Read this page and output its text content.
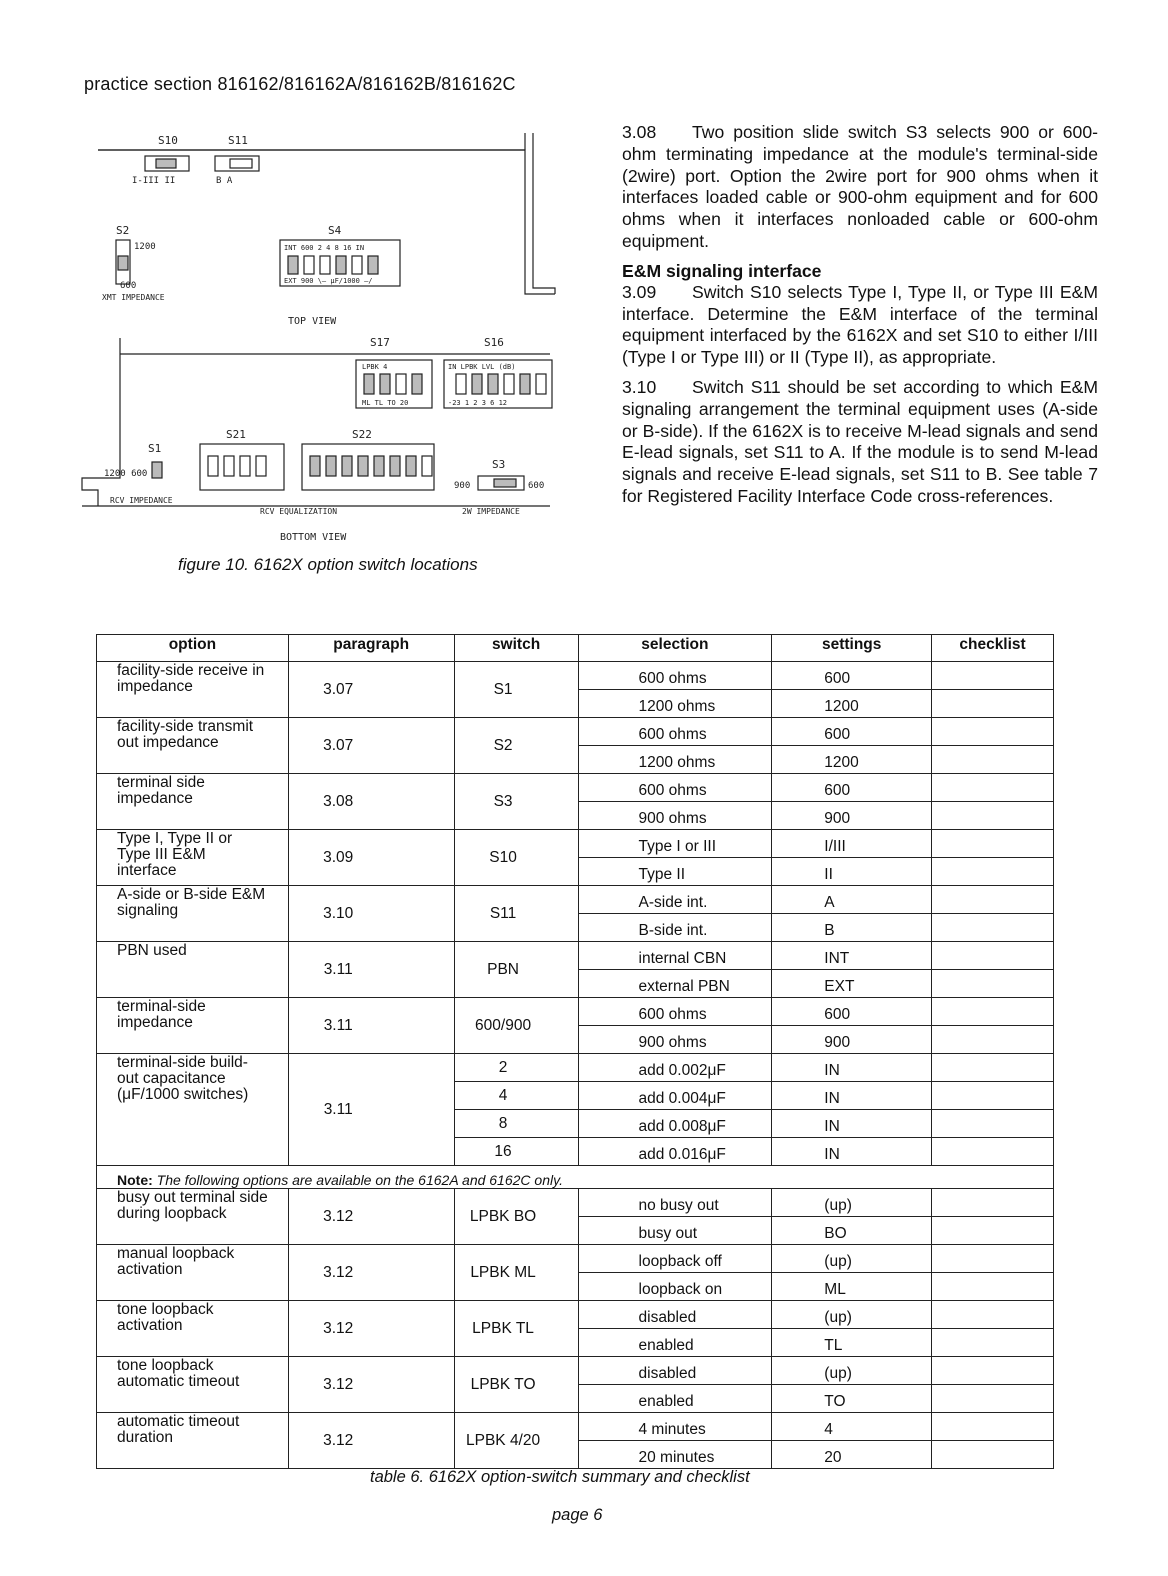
practice section 816162/816162A/816162B/816162C
S10	S11
I-III II	B A
S2
1200
600
XMT IMPEDANCE
S4
INT 600 2 4 8 16 IN
EXT 900 \— μF/1000 —/
TOP VIEW
S17	S16
LPBK 4
ML TL TO 20
IN LPBK LVL (dB)
-23 1 2 3 6 12
S21	S22
S1
1200 600
RCV IMPEDANCE
RCV EQUALIZATION
S3
900	600
2W IMPEDANCE
BOTTOM VIEW
figure 10. 6162X option switch locations

3.08 Two position slide switch S3 selects 900 or 600-ohm terminating impedance at the module's terminal-side (2wire) port. Option the 2wire port for 900 ohms when it interfaces loaded cable or 900-ohm equipment and for 600 ohms when it interfaces nonloaded cable or 600-ohm equipment.

E&M signaling interface

3.09 Switch S10 selects Type I, Type II, or Type III E&M interface. Determine the E&M interface of the terminal equipment interfaced by the 6162X and set S10 to either I/III (Type I or Type III) or II (Type II), as appropriate.

3.10 Switch S11 should be set according to which E&M signaling arrangement the terminal equipment uses (A-side or B-side). If the 6162X is to receive M-lead signals and send E-lead signals, set S11 to A. If the module is to send M-lead signals and receive E-lead signals, set S11 to B. See table 7 for Registered Facility Interface Code cross-references.

option	paragraph	switch	selection	settings	checklist
facility-side receive in impedance	3.07	S1	600 ohms	600	
			1200 ohms	1200	
facility-side transmit out impedance	3.07	S2	600 ohms	600	
			1200 ohms	1200	
terminal side impedance	3.08	S3	600 ohms	600	
			900 ohms	900	
Type I, Type II or Type III E&M interface	3.09	S10	Type I or III	I/III	
			Type II	II	
A-side or B-side E&M signaling	3.10	S11	A-side int.	A	
			B-side int.	B	
PBN used	3.11	PBN	internal CBN	INT	
			external PBN	EXT	
terminal-side impedance	3.11	600/900	600 ohms	600	
			900 ohms	900	
terminal-side build-out capacitance (μF/1000 switches)	3.11	2	add 0.002μF	IN	
		4	add 0.004μF	IN	
		8	add 0.008μF	IN	
		16	add 0.016μF	IN	
Note: The following options are available on the 6162A and 6162C only.					
busy out terminal side during loopback	3.12	LPBK BO	no busy out	(up)	
			busy out	BO	
manual loopback activation	3.12	LPBK ML	loopback off	(up)	
			loopback on	ML	
tone loopback activation	3.12	LPBK TL	disabled	(up)	
			enabled	TL	
tone loopback automatic timeout	3.12	LPBK TO	disabled	(up)	
			enabled	TO	
automatic timeout duration	3.12	LPBK 4/20	4 minutes	4	
			20 minutes	20	
table 6. 6162X option-switch summary and checklist
page 6
